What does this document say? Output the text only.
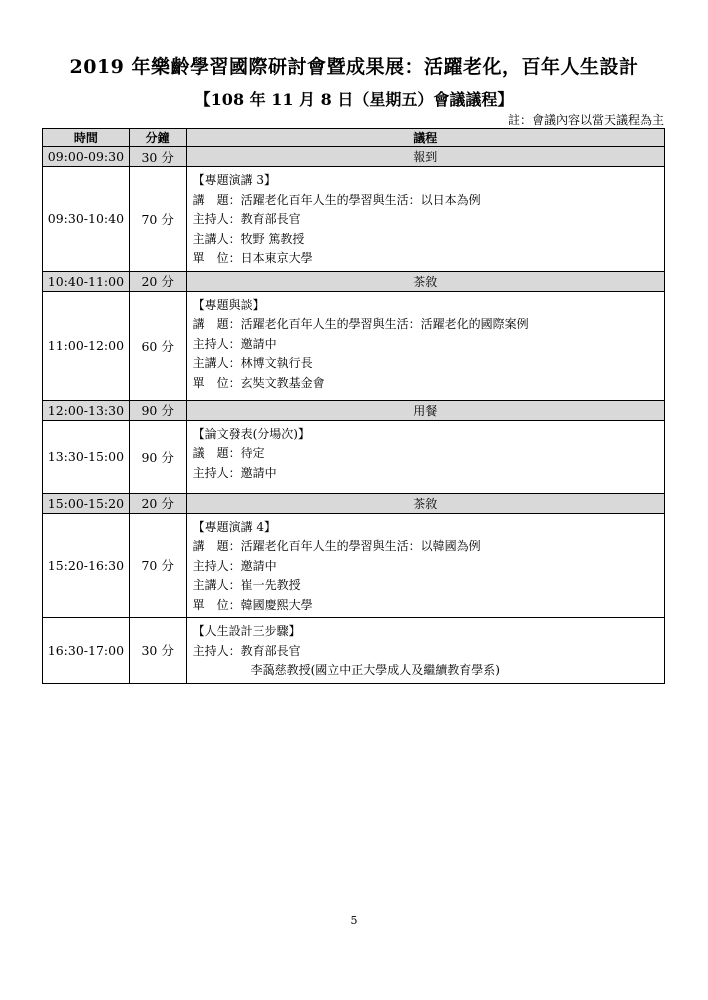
2019 年樂齡學習國際研討會暨成果展：活躍老化，百年人生設計
【108 年 11 月 8 日（星期五）會議議程】
註：會議內容以當天議程為主
時間	分鐘	議程
09:00-09:30	30 分	報到
09:30-10:40	70 分	【專題演講 3】
講　題：活躍老化百年人生的學習與生活：以日本為例
主持人：教育部長官
主講人：牧野 篤教授
單　位：日本東京大學

10:40-11:00	20 分	茶敘
11:00-12:00	60 分	【專題與談】
講　題：活躍老化百年人生的學習與生活：活躍老化的國際案例
主持人：邀請中
主講人：林博文執行長
單　位：玄奘文教基金會

12:00-13:30	90 分	用餐
13:30-15:00	90 分	【論文發表(分場次)】
議　題：待定
主持人：邀請中

15:00-15:20	20 分	茶敘
15:20-16:30	70 分	【專題演講 4】
講　題：活躍老化百年人生的學習與生活：以韓國為例
主持人：邀請中
主講人：崔一先教授
單　位：韓國慶熙大學

16:30-17:00	30 分	【人生設計三步驟】
主持人：教育部長官
李藹慈教授(國立中正大學成人及繼續教育學系)
5
